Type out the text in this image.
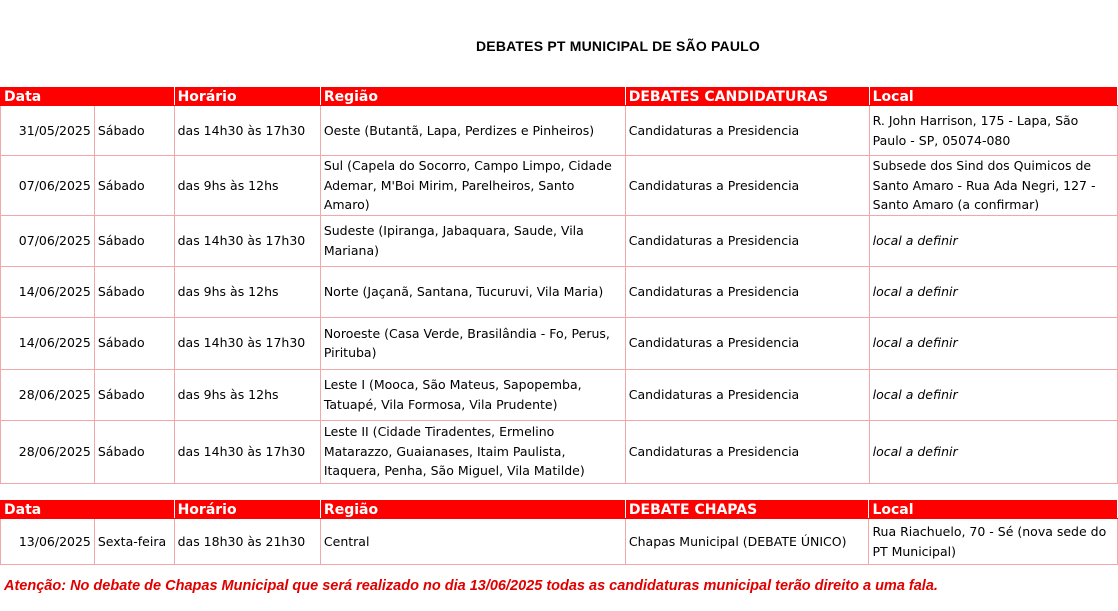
DEBATES PT MUNICIPAL DE SÃO PAULO
Data		Horário	Região	DEBATES CANDIDATURAS	Local
31/05/2025	Sábado	das 14h30 às 17h30	Oeste (Butantã, Lapa, Perdizes e Pinheiros)	Candidaturas a Presidencia	R. John Harrison, 175 - Lapa, São Paulo - SP, 05074-080
07/06/2025	Sábado	das 9hs às 12hs	Sul (Capela do Socorro, Campo Limpo, Cidade Ademar, M'Boi Mirim, Parelheiros, Santo Amaro)	Candidaturas a Presidencia	Subsede dos Sind dos Quimicos de Santo Amaro - Rua Ada Negri, 127 - Santo Amaro (a confirmar)
07/06/2025	Sábado	das 14h30 às 17h30	Sudeste (Ipiranga, Jabaquara, Saude, Vila Mariana)	Candidaturas a Presidencia	local a definir
14/06/2025	Sábado	das 9hs às 12hs	Norte (Jaçanã, Santana, Tucuruvi, Vila Maria)	Candidaturas a Presidencia	local a definir
14/06/2025	Sábado	das 14h30 às 17h30	Noroeste (Casa Verde, Brasilândia - Fo, Perus, Pirituba)	Candidaturas a Presidencia	local a definir
28/06/2025	Sábado	das 9hs às 12hs	Leste I (Mooca, São Mateus, Sapopemba, Tatuapé, Vila Formosa, Vila Prudente)	Candidaturas a Presidencia	local a definir
28/06/2025	Sábado	das 14h30 às 17h30	Leste II (Cidade Tiradentes, Ermelino Matarazzo, Guaianases, Itaim Paulista, Itaquera, Penha, São Miguel, Vila Matilde)	Candidaturas a Presidencia	local a definir
Data		Horário	Região	DEBATE CHAPAS	Local
13/06/2025	Sexta-feira	das 18h30 às 21h30	Central	Chapas Municipal (DEBATE ÚNICO)	Rua Riachuelo, 70 - Sé (nova sede do PT Municipal)
Atenção: No debate de Chapas Municipal que será realizado no dia 13/06/2025 todas as candidaturas municipal terão direito a uma fala.
